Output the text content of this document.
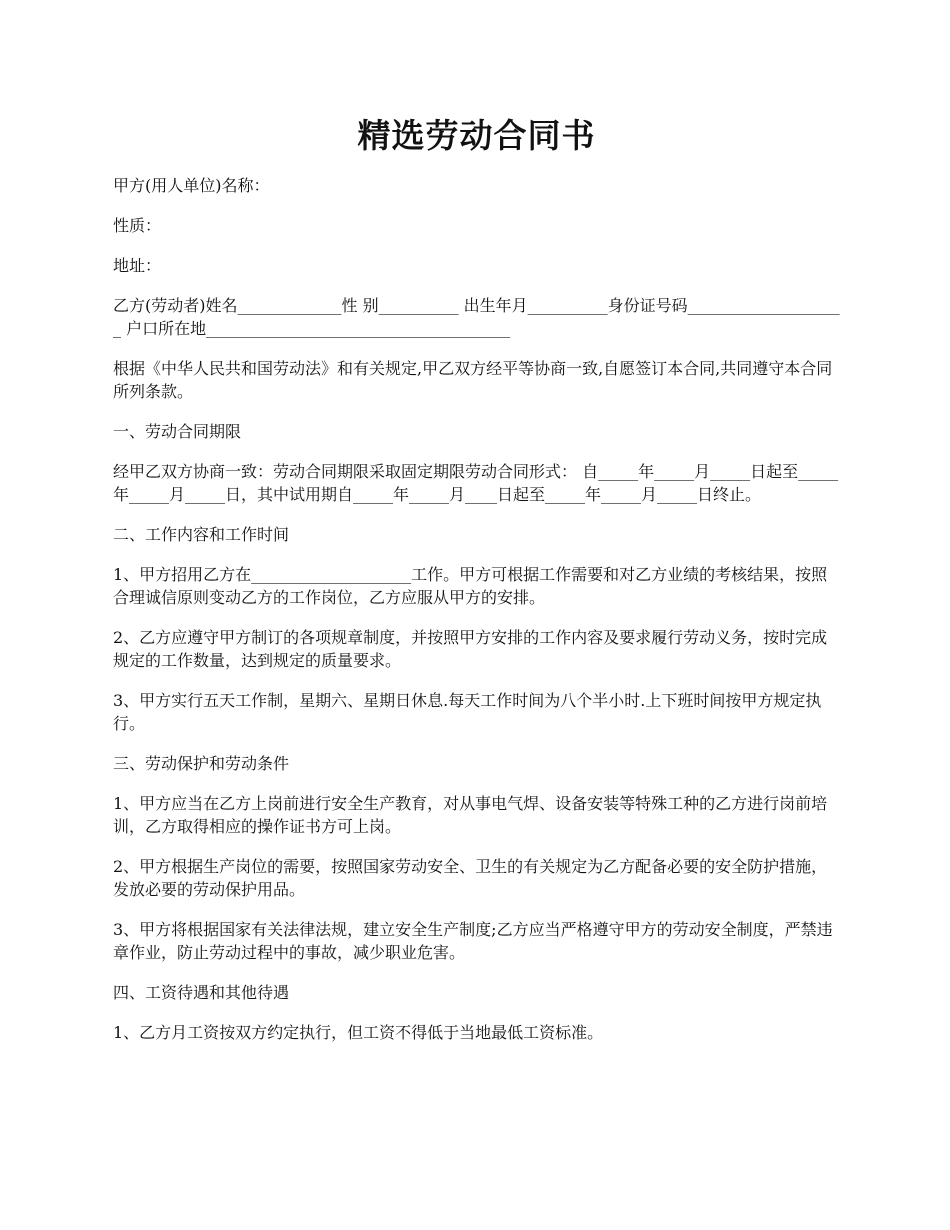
精选劳动合同书

甲方(用人单位)名称：

性质：

地址：

乙方(劳动者)姓名_____________性 别__________ 出生年月__________身份证号码____________________ 户口所在地______________________________________

根据《中华人民共和国劳动法》和有关规定,甲乙双方经平等协商一致,自愿签订本合同,共同遵守本合同所列条款。

一、劳动合同期限

经甲乙双方协商一致：劳动合同期限采取固定期限劳动合同形式： 自_____年_____月_____日起至_____年_____月_____日，其中试用期自_____年_____月____日起至_____年_____月_____日终止。

二、工作内容和工作时间

1、甲方招用乙方在____________________工作。甲方可根据工作需要和对乙方业绩的考核结果，按照合理诚信原则变动乙方的工作岗位，乙方应服从甲方的安排。

2、乙方应遵守甲方制订的各项规章制度，并按照甲方安排的工作内容及要求履行劳动义务，按时完成规定的工作数量，达到规定的质量要求。

3、甲方实行五天工作制，星期六、星期日休息.每天工作时间为八个半小时.上下班时间按甲方规定执行。

三、劳动保护和劳动条件

1、甲方应当在乙方上岗前进行安全生产教育，对从事电气焊、设备安装等特殊工种的乙方进行岗前培训，乙方取得相应的操作证书方可上岗。

2、甲方根据生产岗位的需要，按照国家劳动安全、卫生的有关规定为乙方配备必要的安全防护措施，发放必要的劳动保护用品。

3、甲方将根据国家有关法律法规，建立安全生产制度;乙方应当严格遵守甲方的劳动安全制度，严禁违章作业，防止劳动过程中的事故，减少职业危害。

四、工资待遇和其他待遇

1、乙方月工资按双方约定执行，但工资不得低于当地最低工资标准。
